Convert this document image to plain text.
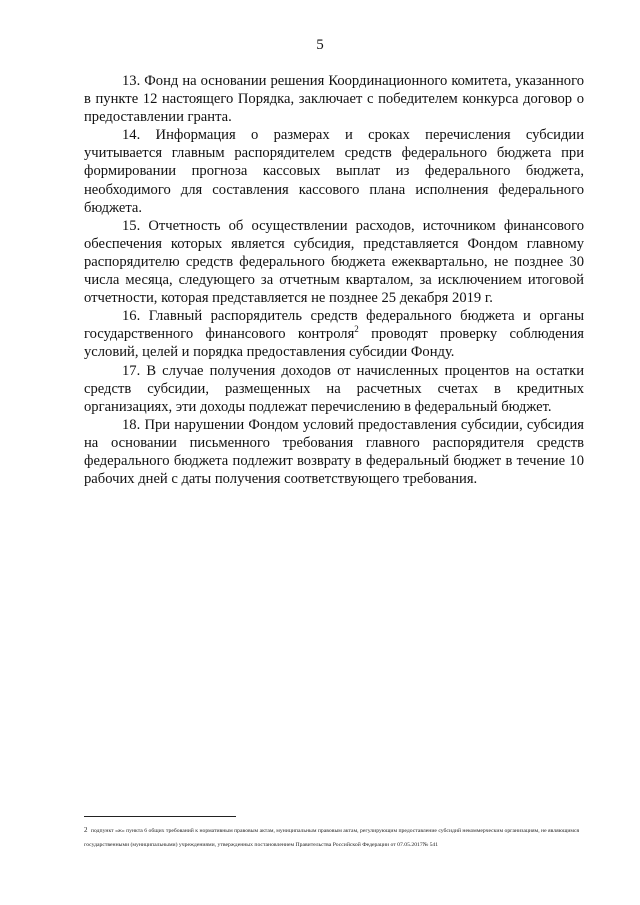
5

13. Фонд на основании решения Координационного комитета, указанного в пункте 12 настоящего Порядка, заключает с победителем конкурса договор о предоставлении гранта.

14. Информация о размерах и сроках перечисления субсидии учитывается главным распорядителем средств федерального бюджета при формировании прогноза кассовых выплат из федерального бюджета, необходимого для составления кассового плана исполнения федерального бюджета.

15. Отчетность об осуществлении расходов, источником финансового обеспечения которых является субсидия, представляется Фондом главному распорядителю средств федерального бюджета ежеквартально, не позднее 30 числа месяца, следующего за отчетным кварталом, за исключением итоговой отчетности, которая представляется не позднее 25 декабря 2019 г.

16. Главный распорядитель средств федерального бюджета и органы государственного финансового контроля$^2$ проводят проверку соблюдения условий, целей и порядка предоставления субсидии Фонду.

17. В случае получения доходов от начисленных процентов на остатки средств субсидии, размещенных на расчетных счетах в кредитных организациях, эти доходы подлежат перечислению в федеральный бюджет.

18. При нарушении Фондом условий предоставления субсидии, субсидия на основании письменного требования главного распорядителя средств федерального бюджета подлежит возврату в федеральный бюджет в течение 10 рабочих дней с даты получения соответствующего требования.

2 подпункт «ж» пункта 6 общих требований к нормативным правовым актам, муниципальным правовым актам, регулирующим предоставление субсидий некоммерческим организациям, не являющимся государственными (муниципальными) учреждениями, утвержденных постановлением Правительства Российской Федерации от 07.05.2017№ 541
